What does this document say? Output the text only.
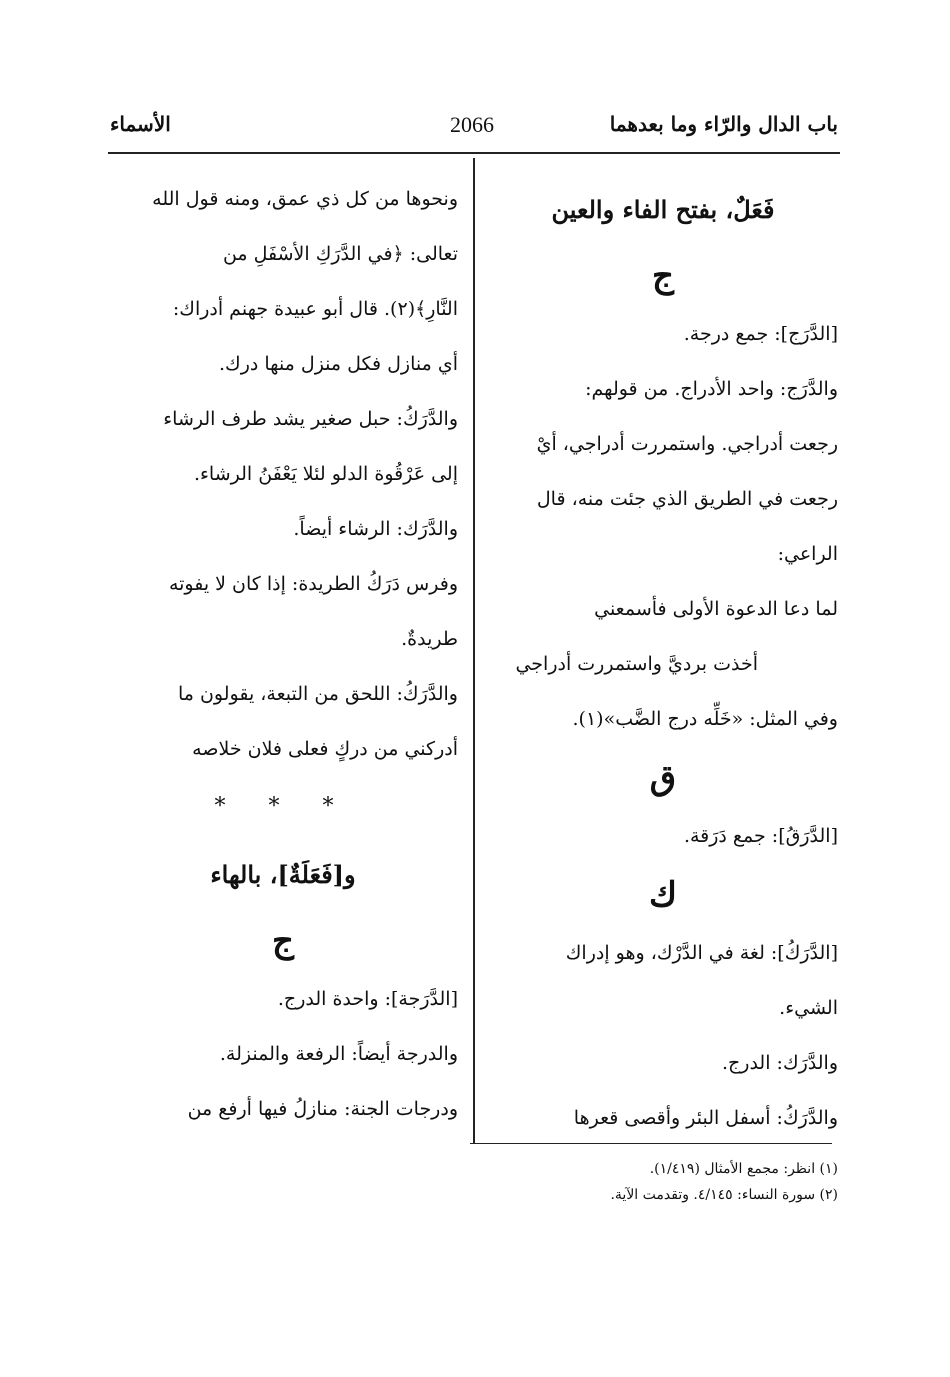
باب الدال والرّاء وما بعدهما
2066
الأسماء

فَعَلٌ، بفتح الفاء والعين

ج

[الدَّرَج]: جمع درجة.

والدَّرَج: واحد الأدراج. من قولهم:

رجعت أدراجي. واستمررت أدراجي، أيْ

رجعت في الطريق الذي جئت منه، قال

الراعي:

لما دعا الدعوة الأولى فأسمعني

أخذت برديَّ واستمررت أدراجي

وفي المثل: «خَلِّه درج الضَّب»(١).

ق

[الدَّرَقُ]: جمع دَرَقة.

ك

[الدَّرَكُ]: لغة في الدَّرْك، وهو إدراك

الشيء.

والدَّرَك: الدرج.

والدَّرَكُ: أسفل البئر وأقصى قعرها

ونحوها من كل ذي عمق، ومنه قول الله

تعالى: ﴿في الدَّرَكِ الأسْفَلِ من

النَّارِ﴾(٢). قال أبو عبيدة جهنم أدراك:

أي منازل فكل منزل منها درك.

والدَّرَكُ: حبل صغير يشد طرف الرشاء

إلى عَرْقُوة الدلو لئلا يَعْفَنُ الرشاء.

والدَّرَك: الرشاء أيضاً.

وفرس دَرَكُ الطريدة: إذا كان لا يفوته

طريدةٌ.

والدَّرَكُ: اللحق من التبعة، يقولون ما

أدركني من دركٍ فعلى فلان خلاصه

* * *

و[فَعَلَةٌ]، بالهاء

ج

[الدَّرَجة]: واحدة الدرج.

والدرجة أيضاً: الرفعة والمنزلة.

ودرجات الجنة: منازلُ فيها أرفع من

(١) انظر: مجمع الأمثال (١/٤١٩).

(٢) سورة النساء: ٤/١٤٥. وتقدمت الآية.
